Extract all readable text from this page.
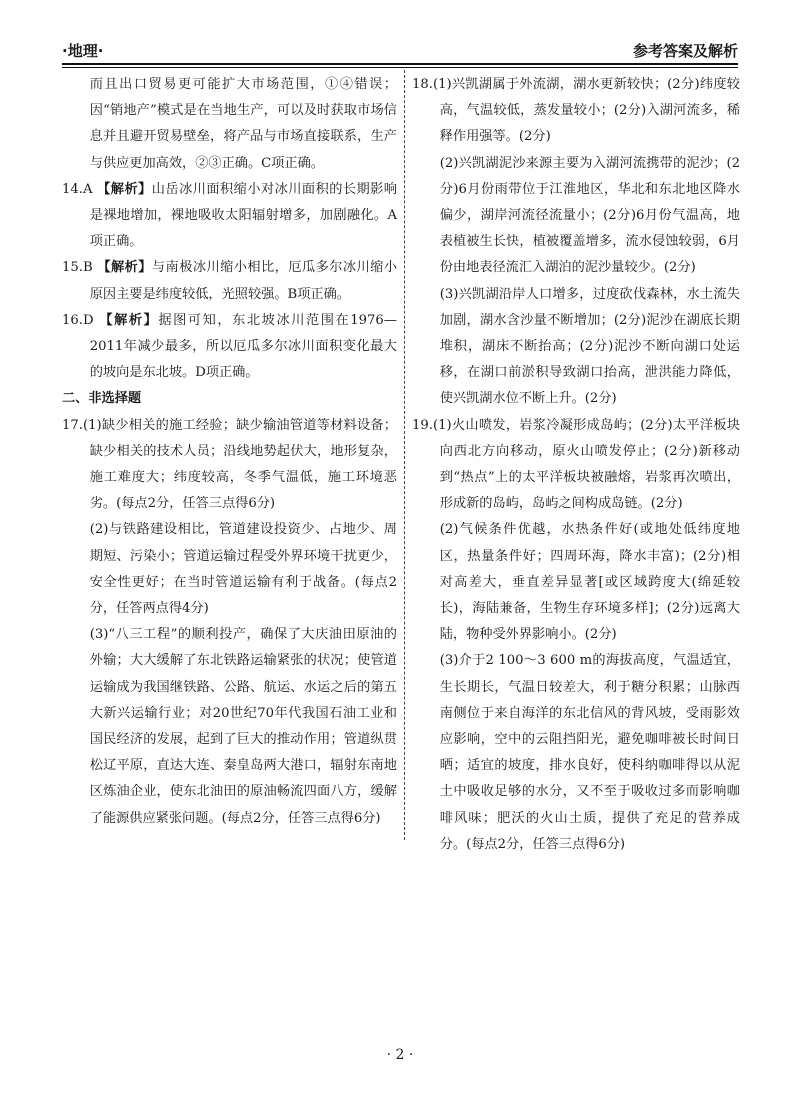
·地理·	参考答案及解析

而且出口贸易更可能扩大市场范围，①④错误；因“销地产”模式是在当地生产，可以及时获取市场信息并且避开贸易壁垒，将产品与市场直接联系，生产与供应更加高效，②③正确。C项正确。

14.A 【解析】山岳冰川面积缩小对冰川面积的长期影响是裸地增加，裸地吸收太阳辐射增多，加剧融化。A项正确。

15.B 【解析】与南极冰川缩小相比，厄瓜多尔冰川缩小原因主要是纬度较低，光照较强。B项正确。

16.D 【解析】据图可知，东北坡冰川范围在1976—2011年减少最多，所以厄瓜多尔冰川面积变化最大的坡向是东北坡。D项正确。

二、非选择题

17.(1)缺少相关的施工经验；缺少输油管道等材料设备；缺少相关的技术人员；沿线地势起伏大，地形复杂，施工难度大；纬度较高，冬季气温低，施工环境恶劣。(每点2分，任答三点得6分)

(2)与铁路建设相比，管道建设投资少、占地少、周期短、污染小；管道运输过程受外界环境干扰更少，安全性更好；在当时管道运输有利于战备。(每点2分，任答两点得4分)

(3)“八三工程”的顺利投产，确保了大庆油田原油的外输；大大缓解了东北铁路运输紧张的状况；使管道运输成为我国继铁路、公路、航运、水运之后的第五大新兴运输行业；对20世纪70年代我国石油工业和国民经济的发展，起到了巨大的推动作用；管道纵贯松辽平原，直达大连、秦皇岛两大港口，辐射东南地区炼油企业，使东北油田的原油畅流四面八方，缓解了能源供应紧张问题。(每点2分，任答三点得6分)

18.(1)兴凯湖属于外流湖，湖水更新较快；(2分)纬度较高，气温较低，蒸发量较小；(2分)入湖河流多，稀释作用强等。(2分)

(2)兴凯湖泥沙来源主要为入湖河流携带的泥沙；(2分)6月份雨带位于江淮地区，华北和东北地区降水偏少，湖岸河流径流量小；(2分)6月份气温高，地表植被生长快，植被覆盖增多，流水侵蚀较弱，6月份由地表径流汇入湖泊的泥沙量较少。(2分)

(3)兴凯湖沿岸人口增多，过度砍伐森林，水土流失加剧，湖水含沙量不断增加；(2分)泥沙在湖底长期堆积，湖床不断抬高；(2分)泥沙不断向湖口处运移，在湖口前淤积导致湖口抬高，泄洪能力降低，使兴凯湖水位不断上升。(2分)

19.(1)火山喷发，岩浆冷凝形成岛屿；(2分)太平洋板块向西北方向移动，原火山喷发停止；(2分)新移动到“热点”上的太平洋板块被融熔，岩浆再次喷出，形成新的岛屿，岛屿之间构成岛链。(2分)

(2)气候条件优越，水热条件好(或地处低纬度地区，热量条件好；四周环海，降水丰富)；(2分)相对高差大，垂直差异显著[或区域跨度大(绵延较长)，海陆兼备，生物生存环境多样]；(2分)远离大陆，物种受外界影响小。(2分)

(3)介于2 100～3 600 m的海拔高度，气温适宜，生长期长，气温日较差大，利于糖分积累；山脉西南侧位于来自海洋的东北信风的背风坡，受雨影效应影响，空中的云阻挡阳光，避免咖啡被长时间日晒；适宜的坡度，排水良好，使科纳咖啡得以从泥土中吸收足够的水分，又不至于吸收过多而影响咖啡风味；肥沃的火山土质，提供了充足的营养成分。(每点2分，任答三点得6分)

· 2 ·
